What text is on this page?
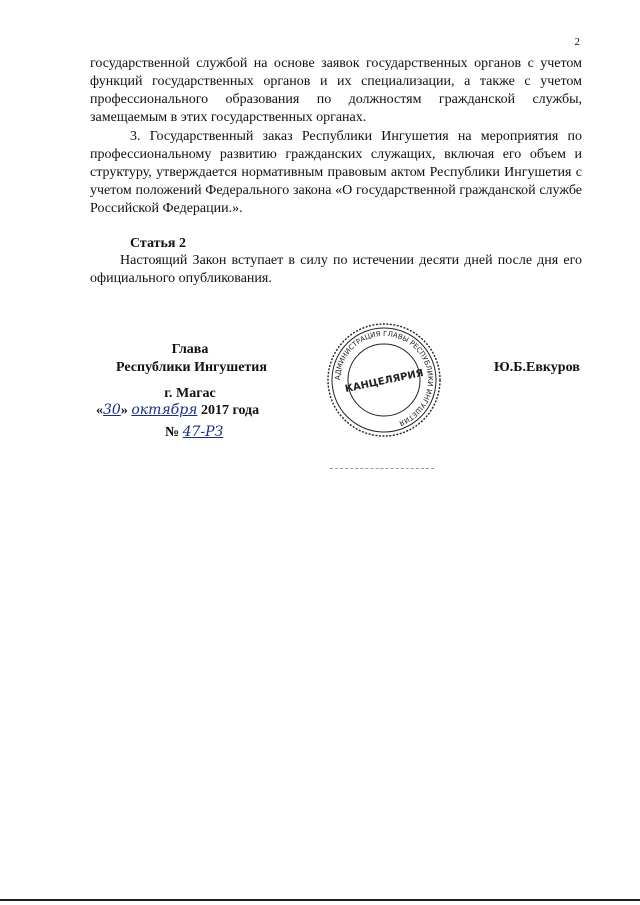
2

государственной службой на основе заявок государственных органов с учетом функций государственных органов и их специализации, а также с учетом профессионального образования по должностям гражданской службы, замещаемым в этих государственных органах.

3. Государственный заказ Республики Ингушетия на мероприятия по профессиональному развитию гражданских служащих, включая его объем и структуру, утверждается нормативным правовым актом Республики Ингушетия с учетом положений Федерального закона «О государственной гражданской службе Российской Федерации.».

Статья 2

Настоящий Закон вступает в силу по истечении десяти дней после дня его официального опубликования.

Глава
Республики Ингушетия
г. Магас
«30» октября 2017 года
№ 47-РЗ
АДМИНИСТРАЦИЯ ГЛАВЫ РЕСПУБЛИКИ ИНГУШЕТИЯ
КАНЦЕЛЯРИЯ
Ю.Б.Евкуров
